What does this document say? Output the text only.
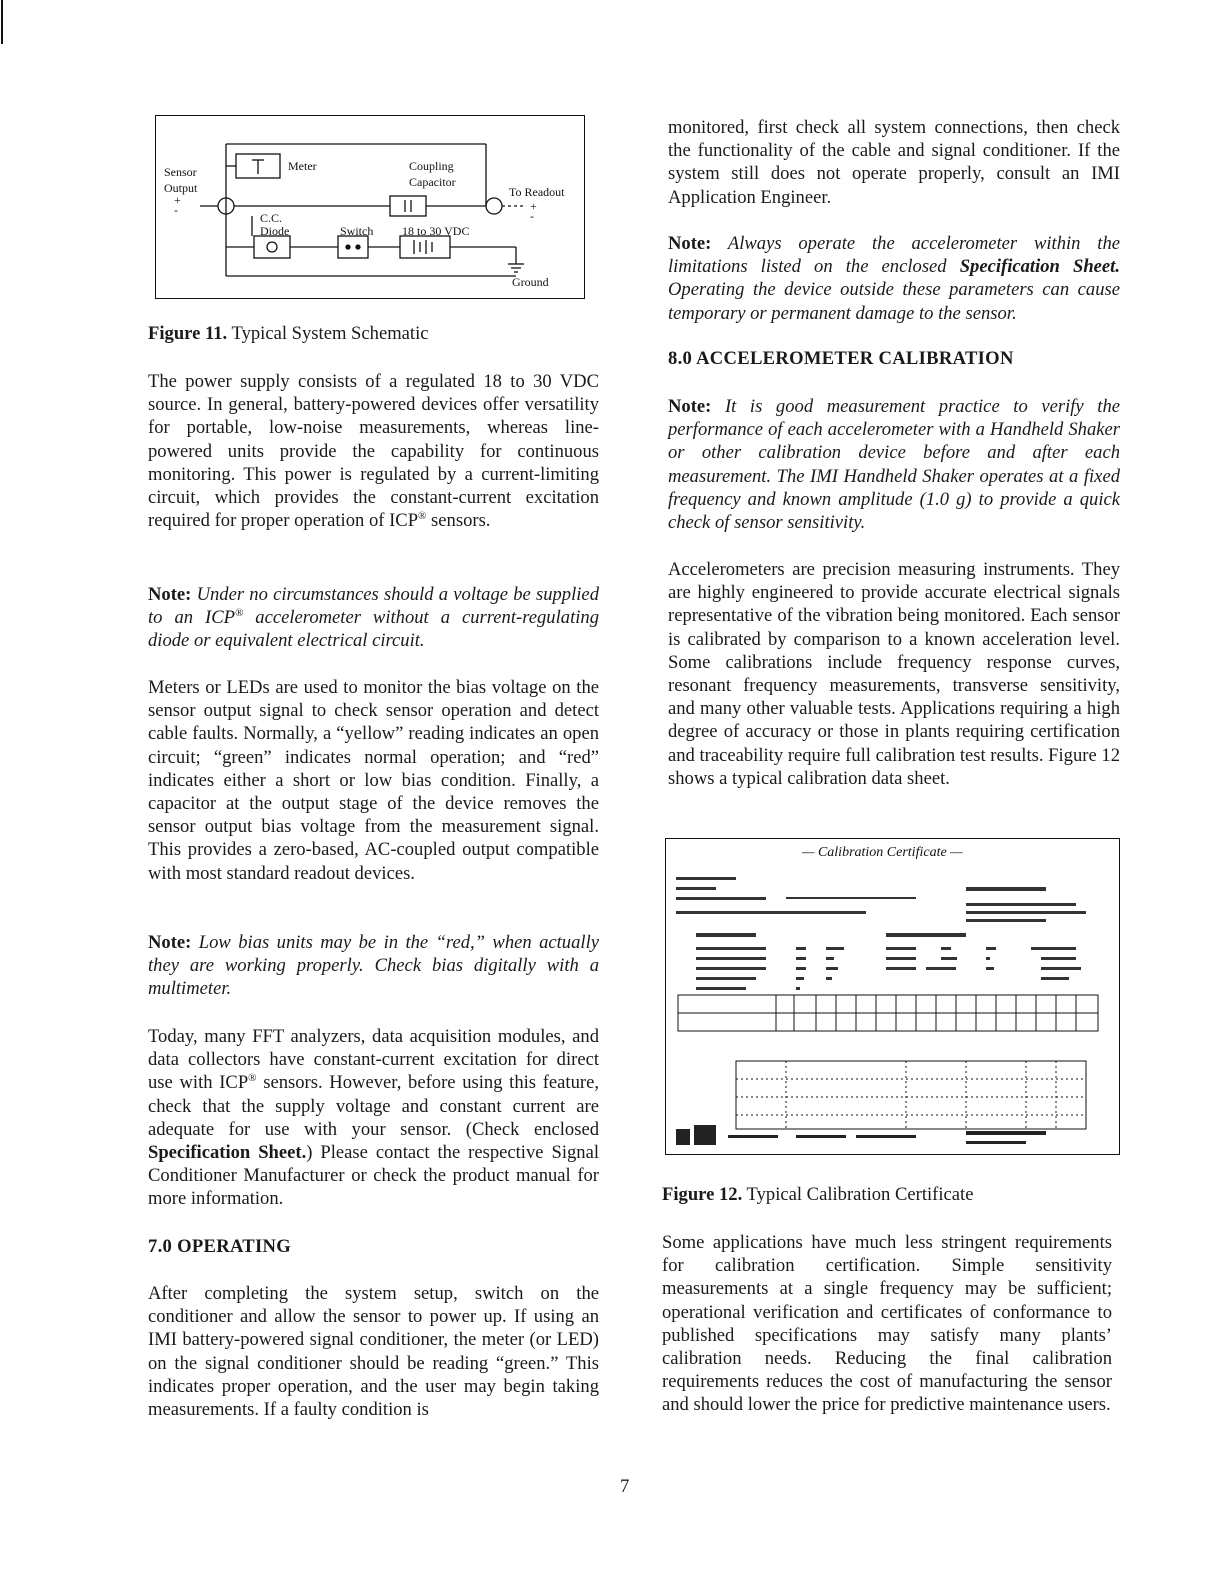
Sensor
Output
+
-
Meter	Coupling
Capacitor
To Readout
+
-
C.C.
Diode	Switch 18 to 30 VDC
Ground
Figure 11. Typical System Schematic

The power supply consists of a regulated 18 to 30 VDC source. In general, battery-powered devices offer versatility for portable, low-noise measurements, whereas line-powered units provide the capability for continuous monitoring. This power is regulated by a current-limiting circuit, which provides the constant-current excitation required for proper operation of ICP® sensors.

Note: Under no circumstances should a voltage be supplied to an ICP® accelerometer without a current-regulating diode or equivalent electrical circuit.

Meters or LEDs are used to monitor the bias voltage on the sensor output signal to check sensor operation and detect cable faults. Normally, a “yellow” reading indicates an open circuit; “green” indicates normal operation; and “red” indicates either a short or low bias condition. Finally, a capacitor at the output stage of the device removes the sensor output bias voltage from the measurement signal. This provides a zero-based, AC-coupled output compatible with most standard readout devices.

Note: Low bias units may be in the “red,” when actually they are working properly. Check bias digitally with a multimeter.

Today, many FFT analyzers, data acquisition modules, and data collectors have constant-current excitation for direct use with ICP® sensors. However, before using this feature, check that the supply voltage and constant current are adequate for use with your sensor. (Check enclosed Specification Sheet.) Please contact the respective Signal Conditioner Manufacturer or check the product manual for more information.

7.0 OPERATING

After completing the system setup, switch on the conditioner and allow the sensor to power up. If using an IMI battery-powered signal conditioner, the meter (or LED) on the signal conditioner should be reading “green.” This indicates proper operation, and the user may begin taking measurements. If a faulty condition is

monitored, first check all system connections, then check the functionality of the cable and signal conditioner. If the system still does not operate properly, consult an IMI Application Engineer.

Note: Always operate the accelerometer within the limitations listed on the enclosed Specification Sheet. Operating the device outside these parameters can cause temporary or permanent damage to the sensor.

8.0 ACCELEROMETER CALIBRATION

Note: It is good measurement practice to verify the performance of each accelerometer with a Handheld Shaker or other calibration device before and after each measurement. The IMI Handheld Shaker operates at a fixed frequency and known amplitude (1.0 g) to provide a quick check of sensor sensitivity.

Accelerometers are precision measuring instruments. They are highly engineered to provide accurate electrical signals representative of the vibration being monitored. Each sensor is calibrated by comparison to a known acceleration level. Some calibrations include frequency response curves, resonant frequency measurements, transverse sensitivity, and many other valuable tests. Applications requiring a high degree of accuracy or those in plants requiring certification and traceability require full calibration test results. Figure 12 shows a typical calibration data sheet.

— Calibration Certificate —
Figure 12. Typical Calibration Certificate

Some applications have much less stringent requirements for calibration certification. Simple sensitivity measurements at a single frequency may be sufficient; operational verification and certificates of conformance to published specifications may satisfy many plants’ calibration needs. Reducing the final calibration requirements reduces the cost of manufacturing the sensor and should lower the price for predictive maintenance users.

7
